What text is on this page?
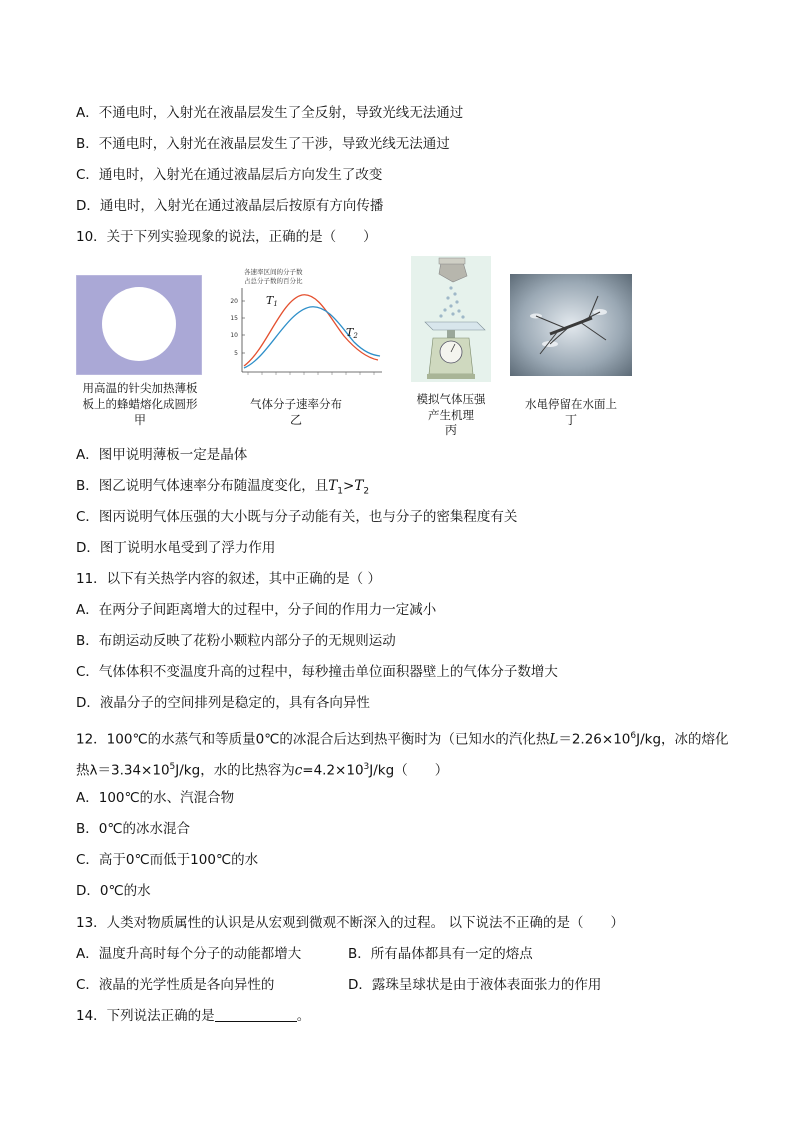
A．不通电时，入射光在液晶层发生了全反射，导致光线无法通过
B．不通电时，入射光在液晶层发生了干涉，导致光线无法通过
C．通电时，入射光在通过液晶层后方向发生了改变
D．通电时，入射光在通过液晶层后按原有方向传播
10．关于下列实验现象的说法，正确的是（　　）
用高温的针尖加热薄板
板上的蜂蜡熔化成圆形
甲
各速率区间的分子数
占总分子数的百分比
20
15
10
5
T1
T2
气体分子速率分布
乙
模拟气体压强
产生机理
丙
水黾停留在水面上
丁
A．图甲说明薄板一定是晶体
B．图乙说明气体速率分布随温度变化，且$T_1>T_2$
C．图丙说明气体压强的大小既与分子动能有关，也与分子的密集程度有关
D．图丁说明水黾受到了浮力作用
11．以下有关热学内容的叙述，其中正确的是（ ）
A．在两分子间距离增大的过程中，分子间的作用力一定减小
B．布朗运动反映了花粉小颗粒内部分子的无规则运动
C．气体体积不变温度升高的过程中，每秒撞击单位面积器壁上的气体分子数增大
D．液晶分子的空间排列是稳定的，具有各向异性
12．100℃的水蒸气和等质量0℃的冰混合后达到热平衡时为（已知水的汽化热$L=2.26\times 10^6J/kg$，冰的熔化
热$\lambda=3.34\times 10^5J/kg$，水的比热容为$c=4.2\times 10^3J/kg$（　　）
A．100℃的水、汽混合物
B．0℃的冰水混合
C．高于0℃而低于100℃的水
D．0℃的水
13．人类对物质属性的认识是从宏观到微观不断深入的过程。 以下说法不正确的是（　　）
A．温度升高时每个分子的动能都增大	B．所有晶体都具有一定的熔点
C．液晶的光学性质是各向异性的	D．露珠呈球状是由于液体表面张力的作用
14．下列说法正确的是	。
